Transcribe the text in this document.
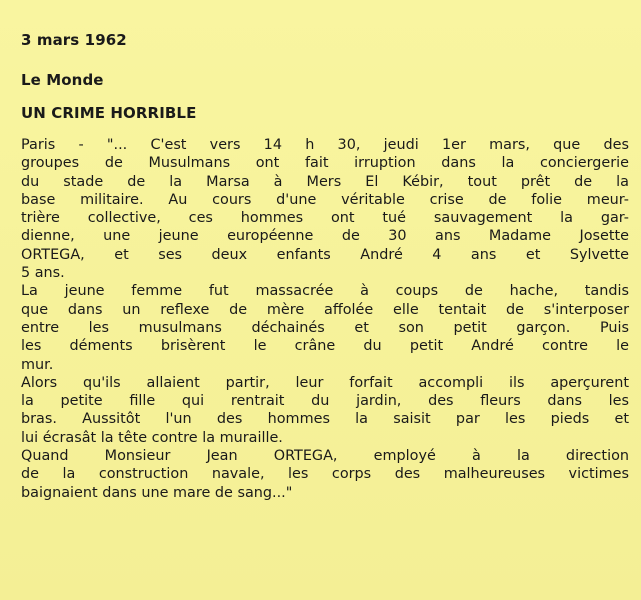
3 mars 1962
Le Monde
UN CRIME HORRIBLE
Paris - "... C'est vers 14 h 30, jeudi 1er mars, que des
groupes de Musulmans ont fait irruption dans la conciergerie
du stade de la Marsa à Mers El Kébir, tout prêt de la
base militaire. Au cours d'une véritable crise de folie meur-
trière collective, ces hommes ont tué sauvagement la gar-
dienne, une jeune européenne de 30 ans Madame Josette
ORTEGA, et ses deux enfants André 4 ans et Sylvette
5 ans.
La jeune femme fut massacrée à coups de hache, tandis
que dans un reflexe de mère affolée elle tentait de s'interposer
entre les musulmans déchainés et son petit garçon. Puis
les déments brisèrent le crâne du petit André contre le
mur.
Alors qu'ils allaient partir, leur forfait accompli ils aperçurent
la petite fille qui rentrait du jardin, des fleurs dans les
bras. Aussitôt l'un des hommes la saisit par les pieds et
lui écrasât la tête contre la muraille.
Quand Monsieur Jean ORTEGA, employé à la direction
de la construction navale, les corps des malheureuses victimes
baignaient dans une mare de sang..."
